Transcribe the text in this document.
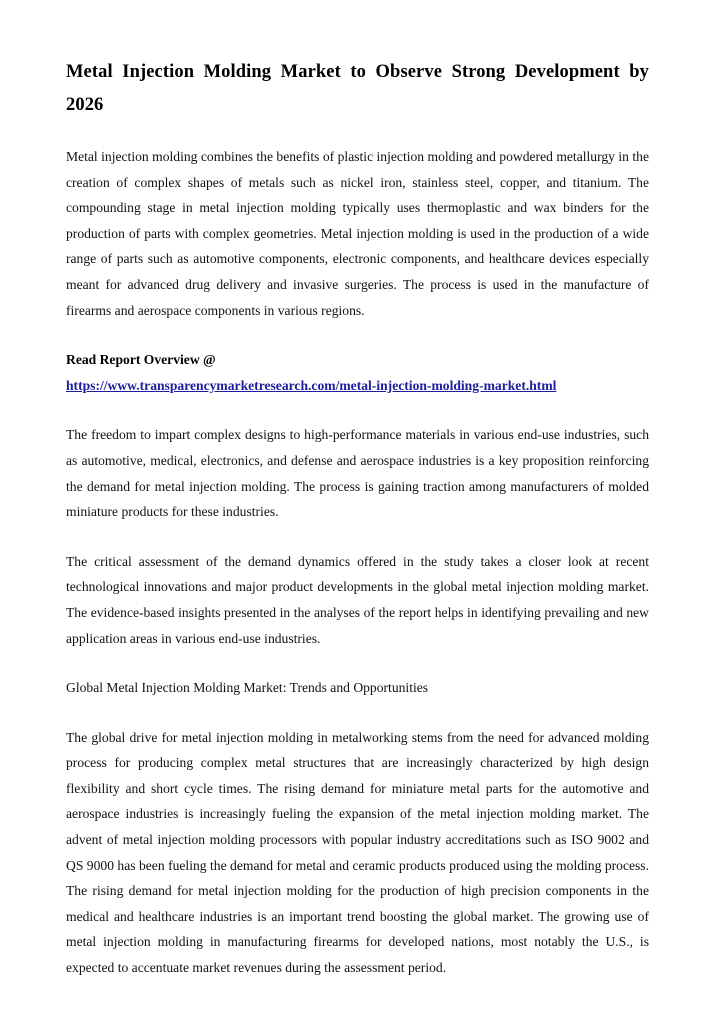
Metal Injection Molding Market to Observe Strong Development by 2026

Metal injection molding combines the benefits of plastic injection molding and powdered metallurgy in the creation of complex shapes of metals such as nickel iron, stainless steel, copper, and titanium. The compounding stage in metal injection molding typically uses thermoplastic and wax binders for the production of parts with complex geometries. Metal injection molding is used in the production of a wide range of parts such as automotive components, electronic components, and healthcare devices especially meant for advanced drug delivery and invasive surgeries. The process is used in the manufacture of firearms and aerospace components in various regions.

Read Report Overview @

https://www.transparencymarketresearch.com/metal-injection-molding-market.html

The freedom to impart complex designs to high-performance materials in various end-use industries, such as automotive, medical, electronics, and defense and aerospace industries is a key proposition reinforcing the demand for metal injection molding. The process is gaining traction among manufacturers of molded miniature products for these industries.

The critical assessment of the demand dynamics offered in the study takes a closer look at recent technological innovations and major product developments in the global metal injection molding market. The evidence-based insights presented in the analyses of the report helps in identifying prevailing and new application areas in various end-use industries.

Global Metal Injection Molding Market: Trends and Opportunities

The global drive for metal injection molding in metalworking stems from the need for advanced molding process for producing complex metal structures that are increasingly characterized by high design flexibility and short cycle times. The rising demand for miniature metal parts for the automotive and aerospace industries is increasingly fueling the expansion of the metal injection molding market. The advent of metal injection molding processors with popular industry accreditations such as ISO 9002 and QS 9000 has been fueling the demand for metal and ceramic products produced using the molding process. The rising demand for metal injection molding for the production of high precision components in the medical and healthcare industries is an important trend boosting the global market. The growing use of metal injection molding in manufacturing firearms for developed nations, most notably the U.S., is expected to accentuate market revenues during the assessment period.
